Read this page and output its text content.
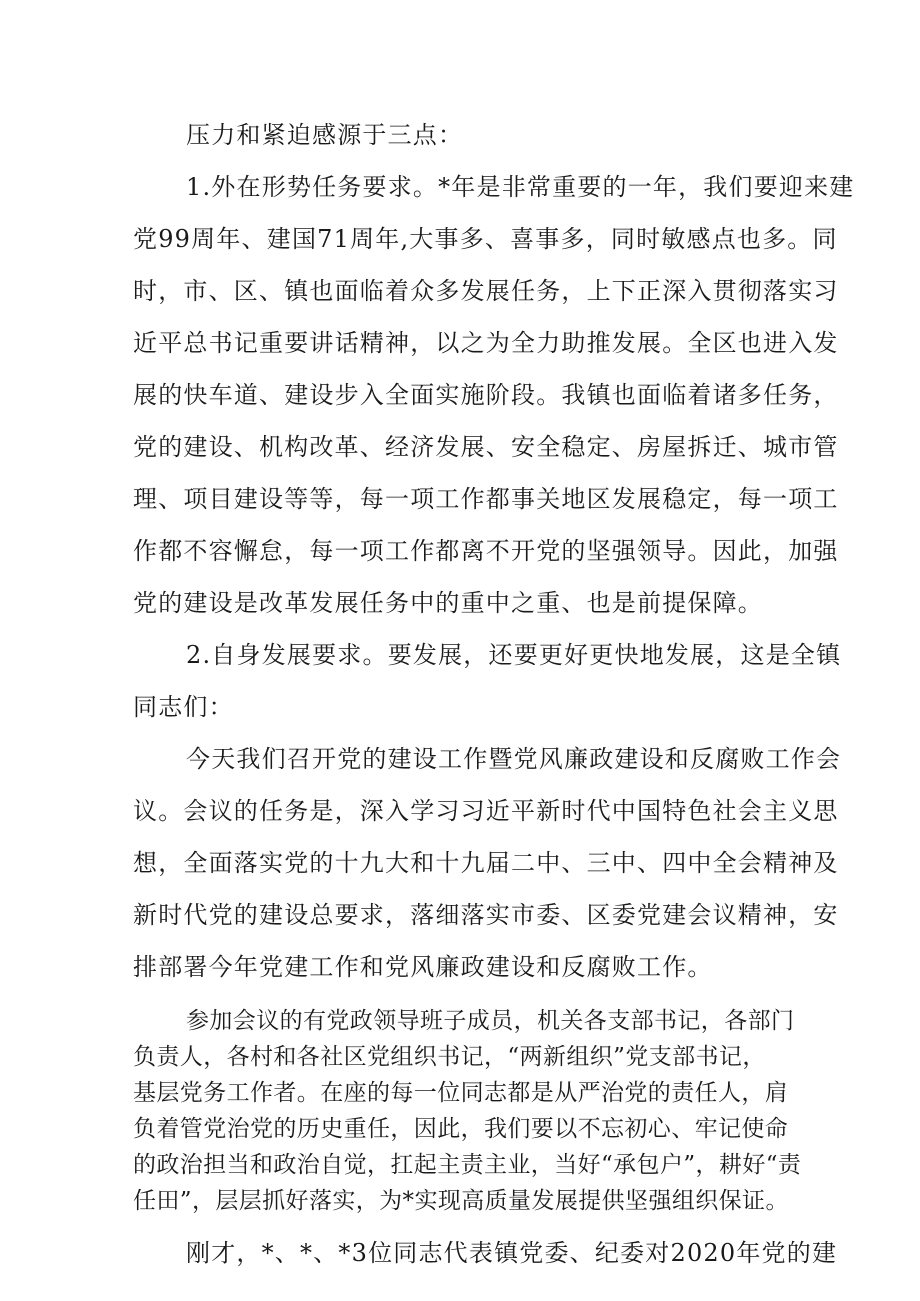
压力和紧迫感源于三点：
1.外在形势任务要求。*年是非常重要的一年，我们要迎来建
党99周年、建国71周年,大事多、喜事多，同时敏感点也多。同
时，市、区、镇也面临着众多发展任务，上下正深入贯彻落实习
近平总书记重要讲话精神，以之为全力助推发展。全区也进入发
展的快车道、建设步入全面实施阶段。我镇也面临着诸多任务，
党的建设、机构改革、经济发展、安全稳定、房屋拆迁、城市管
理、项目建设等等，每一项工作都事关地区发展稳定，每一项工
作都不容懈怠，每一项工作都离不开党的坚强领导。因此，加强
党的建设是改革发展任务中的重中之重、也是前提保障。
2.自身发展要求。要发展，还要更好更快地发展，这是全镇
同志们：
今天我们召开党的建设工作暨党风廉政建设和反腐败工作会
议。会议的任务是，深入学习习近平新时代中国特色社会主义思
想，全面落实党的十九大和十九届二中、三中、四中全会精神及
新时代党的建设总要求，落细落实市委、区委党建会议精神，安
排部署今年党建工作和党风廉政建设和反腐败工作。
参加会议的有党政领导班子成员，机关各支部书记，各部门
负责人，各村和各社区党组织书记，“两新组织”党支部书记，
基层党务工作者。在座的每一位同志都是从严治党的责任人，肩
负着管党治党的历史重任，因此，我们要以不忘初心、牢记使命
的政治担当和政治自觉，扛起主责主业，当好“承包户”，耕好“责
任田”，层层抓好落实，为*实现高质量发展提供坚强组织保证。
刚才，*、*、*3位同志代表镇党委、纪委对2020年党的建
